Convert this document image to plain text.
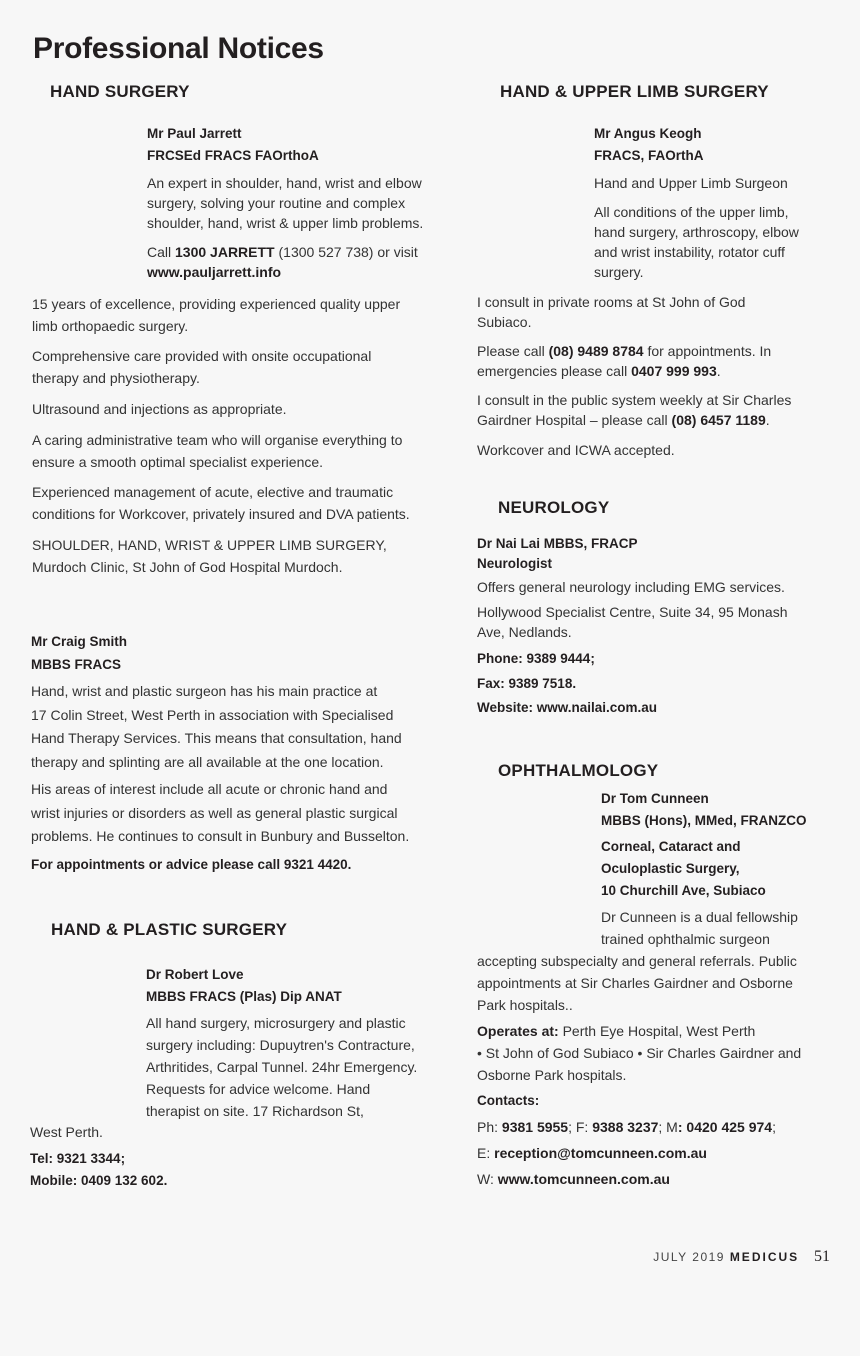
Professional Notices
HAND SURGERY

Mr Paul Jarrett

FRCSEd FRACS FAOrthoA

An expert in shoulder, hand, wrist and elbow
surgery, solving your routine and complex
shoulder, hand, wrist & upper limb problems.

Call 1300 JARRETT (1300 527 738) or visit
www.pauljarrett.info

15 years of excellence, providing experienced quality upper
limb orthopaedic surgery.

Comprehensive care provided with onsite occupational
therapy and physiotherapy.

Ultrasound and injections as appropriate.

A caring administrative team who will organise everything to
ensure a smooth optimal specialist experience.

Experienced management of acute, elective and traumatic
conditions for Workcover, privately insured and DVA patients.

SHOULDER, HAND, WRIST & UPPER LIMB SURGERY,
Murdoch Clinic, St John of God Hospital Murdoch.

Mr Craig Smith

MBBS FRACS

Hand, wrist and plastic surgeon has his main practice at
17 Colin Street, West Perth in association with Specialised
Hand Therapy Services. This means that consultation, hand
therapy and splinting are all available at the one location.

His areas of interest include all acute or chronic hand and
wrist injuries or disorders as well as general plastic surgical
problems. He continues to consult in Bunbury and Busselton.

For appointments or advice please call 9321 4420.

HAND & PLASTIC SURGERY

Dr Robert Love

MBBS FRACS (Plas) Dip ANAT

All hand surgery, microsurgery and plastic
surgery including: Dupuytren's Contracture,
Arthritides, Carpal Tunnel. 24hr Emergency.
Requests for advice welcome. Hand
therapist on site. 17 Richardson St,

West Perth.

Tel: 9321 3344;

Mobile: 0409 132 602.

HAND & UPPER LIMB SURGERY

Mr Angus Keogh

FRACS, FAOrthA

Hand and Upper Limb Surgeon

All conditions of the upper limb,
hand surgery, arthroscopy, elbow
and wrist instability, rotator cuff
surgery.

I consult in private rooms at St John of God
Subiaco.

Please call (08) 9489 8784 for appointments. In
emergencies please call 0407 999 993.

I consult in the public system weekly at Sir Charles
Gairdner Hospital – please call (08) 6457 1189.

Workcover and ICWA accepted.

NEUROLOGY

Dr Nai Lai MBBS, FRACP

Neurologist

Offers general neurology including EMG services.

Hollywood Specialist Centre, Suite 34, 95 Monash
Ave, Nedlands.

Phone: 9389 9444;

Fax: 9389 7518.

Website: www.nailai.com.au

OPHTHALMOLOGY

Dr Tom Cunneen

MBBS (Hons), MMed, FRANZCO

Corneal, Cataract and
Oculoplastic Surgery,
10 Churchill Ave, Subiaco

Dr Cunneen is a dual fellowship
trained ophthalmic surgeon

accepting subspecialty and general referrals. Public
appointments at Sir Charles Gairdner and Osborne
Park hospitals..

Operates at: Perth Eye Hospital, West Perth
• St John of God Subiaco • Sir Charles Gairdner and
Osborne Park hospitals.

Contacts:

Ph: 9381 5955; F: 9388 3237; M: 0420 425 974;

E: reception@tomcunneen.com.au

W: www.tomcunneen.com.au

JULY 2019 MEDICUS 51
